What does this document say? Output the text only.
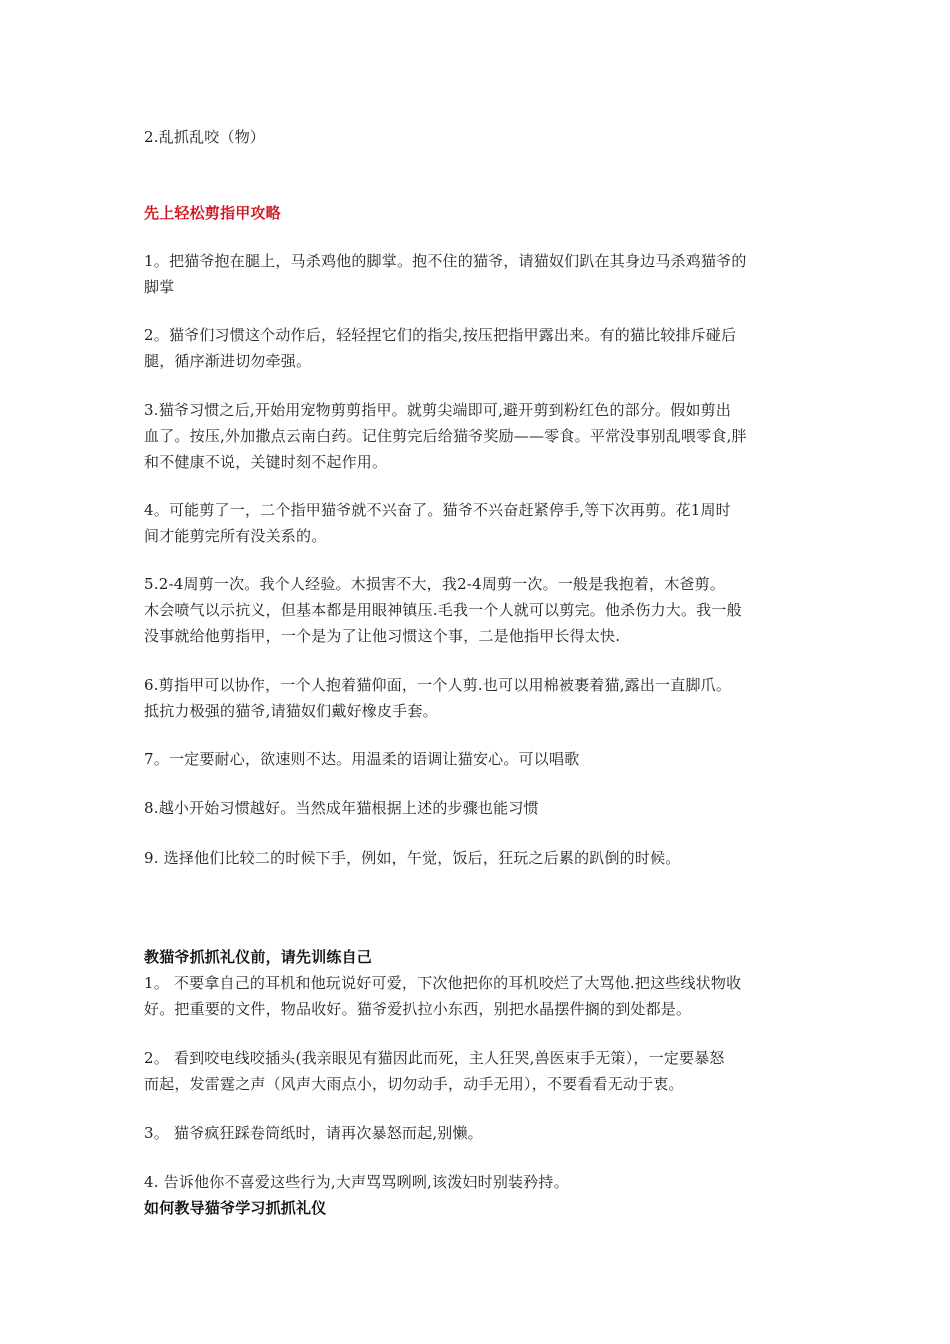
2.乱抓乱咬（物）
先上轻松剪指甲攻略
1。把猫爷抱在腿上，马杀鸡他的脚掌。抱不住的猫爷，请猫奴们趴在其身边马杀鸡猫爷的
脚掌
2。猫爷们习惯这个动作后，轻轻捏它们的指尖,按压把指甲露出来。有的猫比较排斥碰后
腿，循序渐进切勿牵强。
3.猫爷习惯之后,开始用宠物剪剪指甲。就剪尖端即可,避开剪到粉红色的部分。假如剪出
血了。按压,外加撒点云南白药。记住剪完后给猫爷奖励——零食。平常没事别乱喂零食,胖
和不健康不说，关键时刻不起作用。
4。可能剪了一，二个指甲猫爷就不兴奋了。猫爷不兴奋赶紧停手,等下次再剪。花1周时
间才能剪完所有没关系的。
5.2-4周剪一次。我个人经验。木损害不大，我2-4周剪一次。一般是我抱着，木爸剪。
木会喷气以示抗义，但基本都是用眼神镇压.毛我一个人就可以剪完。他杀伤力大。我一般
没事就给他剪指甲，一个是为了让他习惯这个事，二是他指甲长得太快.
6.剪指甲可以协作，一个人抱着猫仰面，一个人剪.也可以用棉被裹着猫,露出一直脚爪。
抵抗力极强的猫爷,请猫奴们戴好橡皮手套。
7。一定要耐心，欲速则不达。用温柔的语调让猫安心。可以唱歌
8.越小开始习惯越好。当然成年猫根据上述的步骤也能习惯
9. 选择他们比较二的时候下手，例如，午觉，饭后，狂玩之后累的趴倒的时候。
教猫爷抓抓礼仪前，请先训练自己
1。 不要拿自己的耳机和他玩说好可爱，下次他把你的耳机咬烂了大骂他.把这些线状物收
好。把重要的文件，物品收好。猫爷爱扒拉小东西，别把水晶摆件搁的到处都是。
2。 看到咬电线咬插头(我亲眼见有猫因此而死，主人狂哭,兽医束手无策），一定要暴怒
而起，发雷霆之声（风声大雨点小，切勿动手，动手无用），不要看看无动于衷。
3。 猫爷疯狂踩卷筒纸时，请再次暴怒而起,别懒。
4. 告诉他你不喜爱这些行为,大声骂骂咧咧,该泼妇时别装矜持。
如何教导猫爷学习抓抓礼仪
